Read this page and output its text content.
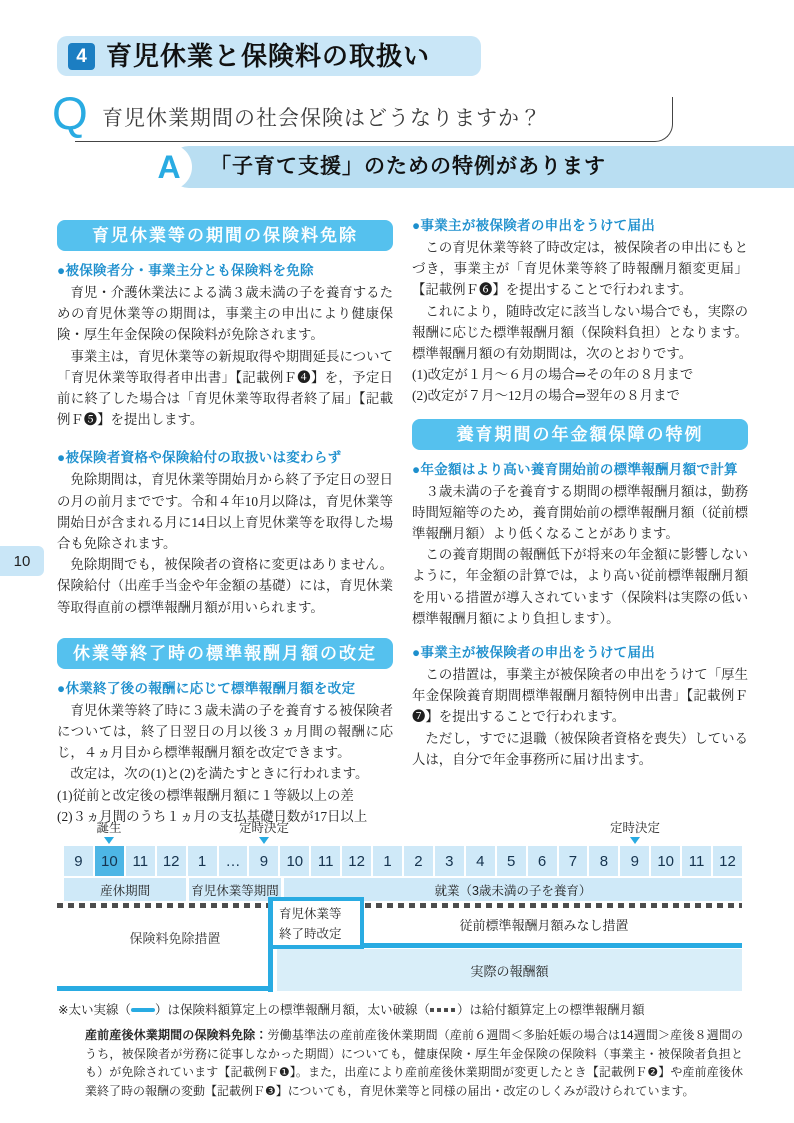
4 育児休業と保険料の取扱い
Q 育児休業期間の社会保険はどうなりますか？
A	「子育て支援」のための特例があります
10
育児休業等の期間の保険料免除
●被保険者分・事業主分とも保険料を免除

　育児・介護休業法による満３歳未満の子を養育するための育児休業等の期間は，事業主の申出により健康保険・厚生年金保険の保険料が免除されます。

　事業主は，育児休業等の新規取得や期間延長について「育児休業等取得者申出書」【記載例Ｆ❹】を，予定日前に終了した場合は「育児休業等取得者終了届」【記載例Ｆ❺】を提出します。

●被保険者資格や保険給付の取扱いは変わらず

　免除期間は，育児休業等開始月から終了予定日の翌日の月の前月までです。令和４年10月以降は，育児休業等開始日が含まれる月に14日以上育児休業等を取得した場合も免除されます。

　免除期間でも，被保険者の資格に変更はありません。保険給付（出産手当金や年金額の基礎）には，育児休業等取得直前の標準報酬月額が用いられます。

休業等終了時の標準報酬月額の改定
●休業終了後の報酬に応じて標準報酬月額を改定

　育児休業等終了時に３歳未満の子を養育する被保険者については，終了日翌日の月以後３ヵ月間の報酬に応じ，４ヵ月目から標準報酬月額を改定できます。

　改定は，次の(1)と(2)を満たすときに行われます。

(1)従前と改定後の標準報酬月額に１等級以上の差

(2)３ヵ月間のうち１ヵ月の支払基礎日数が17日以上

●事業主が被保険者の申出をうけて届出

　この育児休業等終了時改定は，被保険者の申出にもとづき，事業主が「育児休業等終了時報酬月額変更届」【記載例Ｆ❻】を提出することで行われます。

　これにより，随時改定に該当しない場合でも，実際の報酬に応じた標準報酬月額（保険料負担）となります。標準報酬月額の有効期間は，次のとおりです。

(1)改定が１月～６月の場合⇒その年の８月まで

(2)改定が７月～12月の場合⇒翌年の８月まで

養育期間の年金額保障の特例
●年金額はより高い養育開始前の標準報酬月額で計算

　３歳未満の子を養育する期間の標準報酬月額は，勤務時間短縮等のため，養育開始前の標準報酬月額（従前標準報酬月額）より低くなることがあります。

　この養育期間の報酬低下が将来の年金額に影響しないように，年金額の計算では，より高い従前標準報酬月額を用いる措置が導入されています（保険料は実際の低い標準報酬月額により負担します）。

●事業主が被保険者の申出をうけて届出

　この措置は，事業主が被保険者の申出をうけて「厚生年金保険養育期間標準報酬月額特例申出書」【記載例Ｆ❼】を提出することで行われます。

　ただし，すでに退職（被保険者資格を喪失）している人は，自分で年金事務所に届け出ます。

誕生	定時決定	定時決定
9	10 11 12	1	…	9	10 11 12	1	2	3	4	5	6	7	8	9	10 11 12
産休期間	育児休業等期間	就業（3歳未満の子を養育）
育児休業等
終了時改定
実際の報酬額
保険料免除措置
従前標準報酬月額みなし措置
※太い実線（ ）は保険料額算定上の標準報酬月額，太い破線（ ）は給付額算定上の標準報酬月額
産前産後休業期間の保険料免除：労働基準法の産前産後休業期間（産前６週間＜多胎妊娠の場合は14週間＞産後８週間のうち，被保険者が労務に従事しなかった期間）についても，健康保険・厚生年金保険の保険料（事業主・被保険者負担とも）が免除されています【記載例Ｆ❶】。また，出産により産前産後休業期間が変更したとき【記載例Ｆ❷】や産前産後休業終了時の報酬の変動【記載例Ｆ❸】についても，育児休業等と同様の届出・改定のしくみが設けられています。
